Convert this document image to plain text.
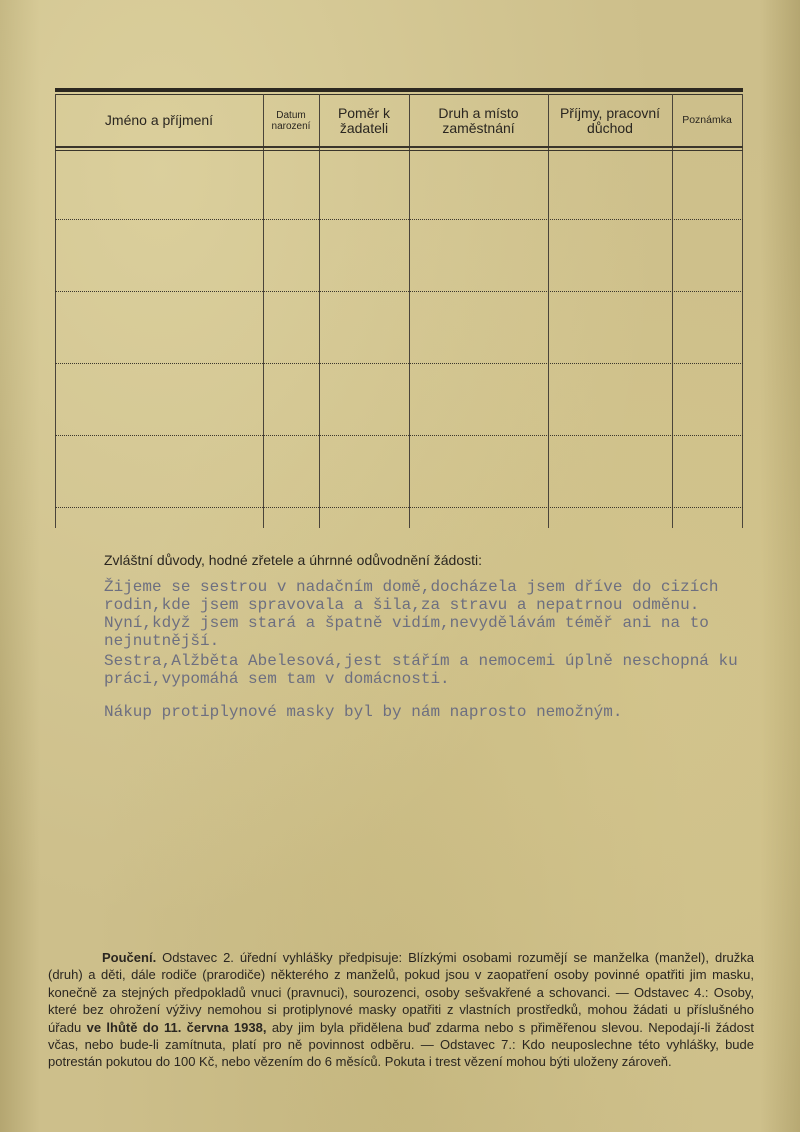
Jméno a příjmení	Datum narození
Poměr k žadateli
Druh a místo zaměstnání
Příjmy, pracovní důchod	Poznámka
Zvláštní důvody, hodné zřetele a úhrnné odůvodnění žádosti:
Žijeme se sestrou v nadačním domě,docházela jsem dříve do cizích rodin,kde jsem spravovala a šila,za stravu a nepatrnou odměnu. Nyní,když jsem stará a špatně vidím,nevydělávám téměř ani na to nejnutnější.
Sestra,Alžběta Abelesová,jest stářím a nemocemi úplně neschopná ku práci,vypomáhá sem tam v domácnosti.
Nákup protiplynové masky byl by nám naprosto nemožným.
Poučení. Odstavec 2. úřední vyhlášky předpisuje: Blízkými osobami rozumějí se manželka (manžel), družka (druh) a děti, dále rodiče (prarodiče) některého z manželů, pokud jsou v zaopatření osoby povinné opatřiti jim masku, konečně za stejných předpokladů vnuci (pravnuci), sourozenci, osoby sešvakřené a schovanci. — Odstavec 4.: Osoby, které bez ohrožení výživy nemohou si protiplynové masky opatřiti z vlastních prostředků, mohou žádati u příslušného úřadu ve lhůtě do 11. června 1938, aby jim byla přidělena buď zdarma nebo s přiměřenou slevou. Nepodají-li žádost včas, nebo bude-li zamítnuta, platí pro ně povinnost odběru. — Odstavec 7.: Kdo neuposlechne této vyhlášky, bude potrestán pokutou do 100 Kč, nebo vězením do 6 měsíců. Pokuta i trest vězení mohou býti uloženy zároveň.
